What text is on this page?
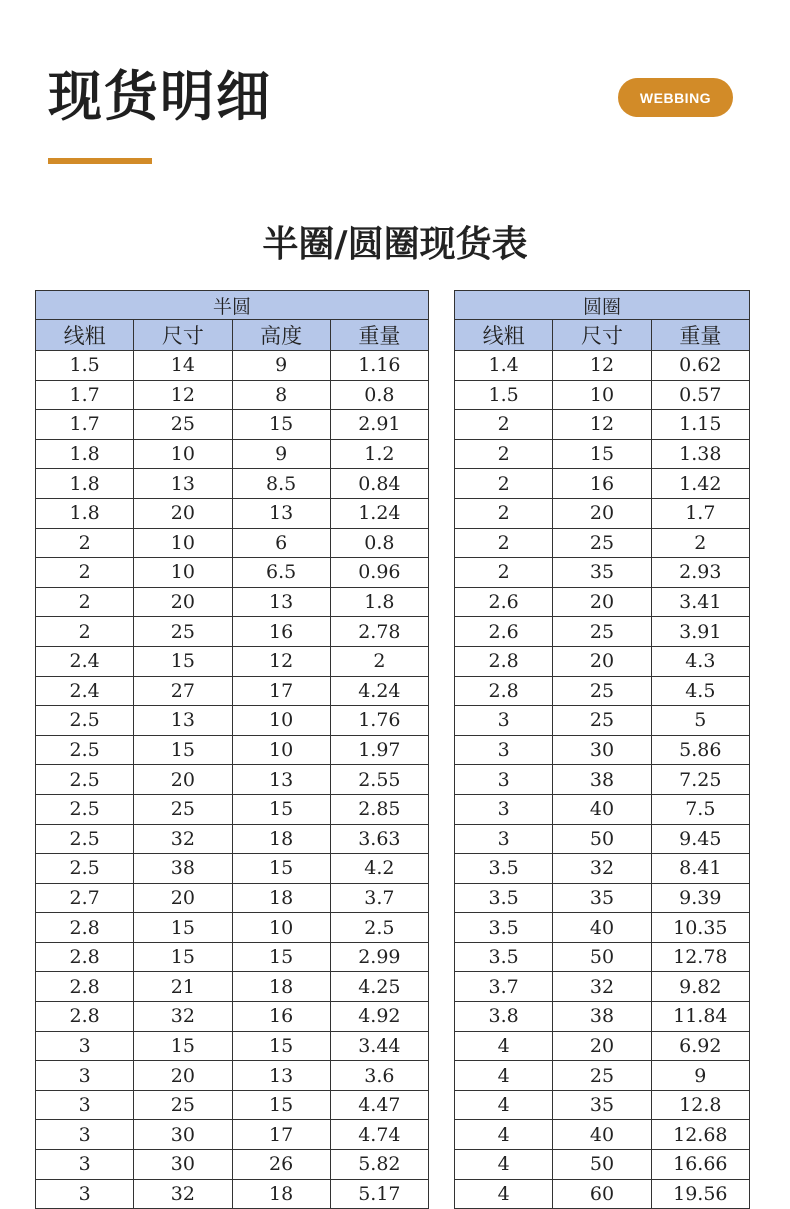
现货明细	WEBBING
半圈/圆圈现货表
半圆			
线粗	尺寸	高度	重量
1.5	14	9	1.16
1.7	12	8	0.8
1.7	25	15	2.91
1.8	10	9	1.2
1.8	13	8.5	0.84
1.8	20	13	1.24
2	10	6	0.8
2	10	6.5	0.96
2	20	13	1.8
2	25	16	2.78
2.4	15	12	2
2.4	27	17	4.24
2.5	13	10	1.76
2.5	15	10	1.97
2.5	20	13	2.55
2.5	25	15	2.85
2.5	32	18	3.63
2.5	38	15	4.2
2.7	20	18	3.7
2.8	15	10	2.5
2.8	15	15	2.99
2.8	21	18	4.25
2.8	32	16	4.92
3	15	15	3.44
3	20	13	3.6
3	25	15	4.47
3	30	17	4.74
3	30	26	5.82
3	32	18	5.17
圆圈		
线粗	尺寸	重量
1.4	12	0.62
1.5	10	0.57
2	12	1.15
2	15	1.38
2	16	1.42
2	20	1.7
2	25	2
2	35	2.93
2.6	20	3.41
2.6	25	3.91
2.8	20	4.3
2.8	25	4.5
3	25	5
3	30	5.86
3	38	7.25
3	40	7.5
3	50	9.45
3.5	32	8.41
3.5	35	9.39
3.5	40	10.35
3.5	50	12.78
3.7	32	9.82
3.8	38	11.84
4	20	6.92
4	25	9
4	35	12.8
4	40	12.68
4	50	16.66
4	60	19.56
